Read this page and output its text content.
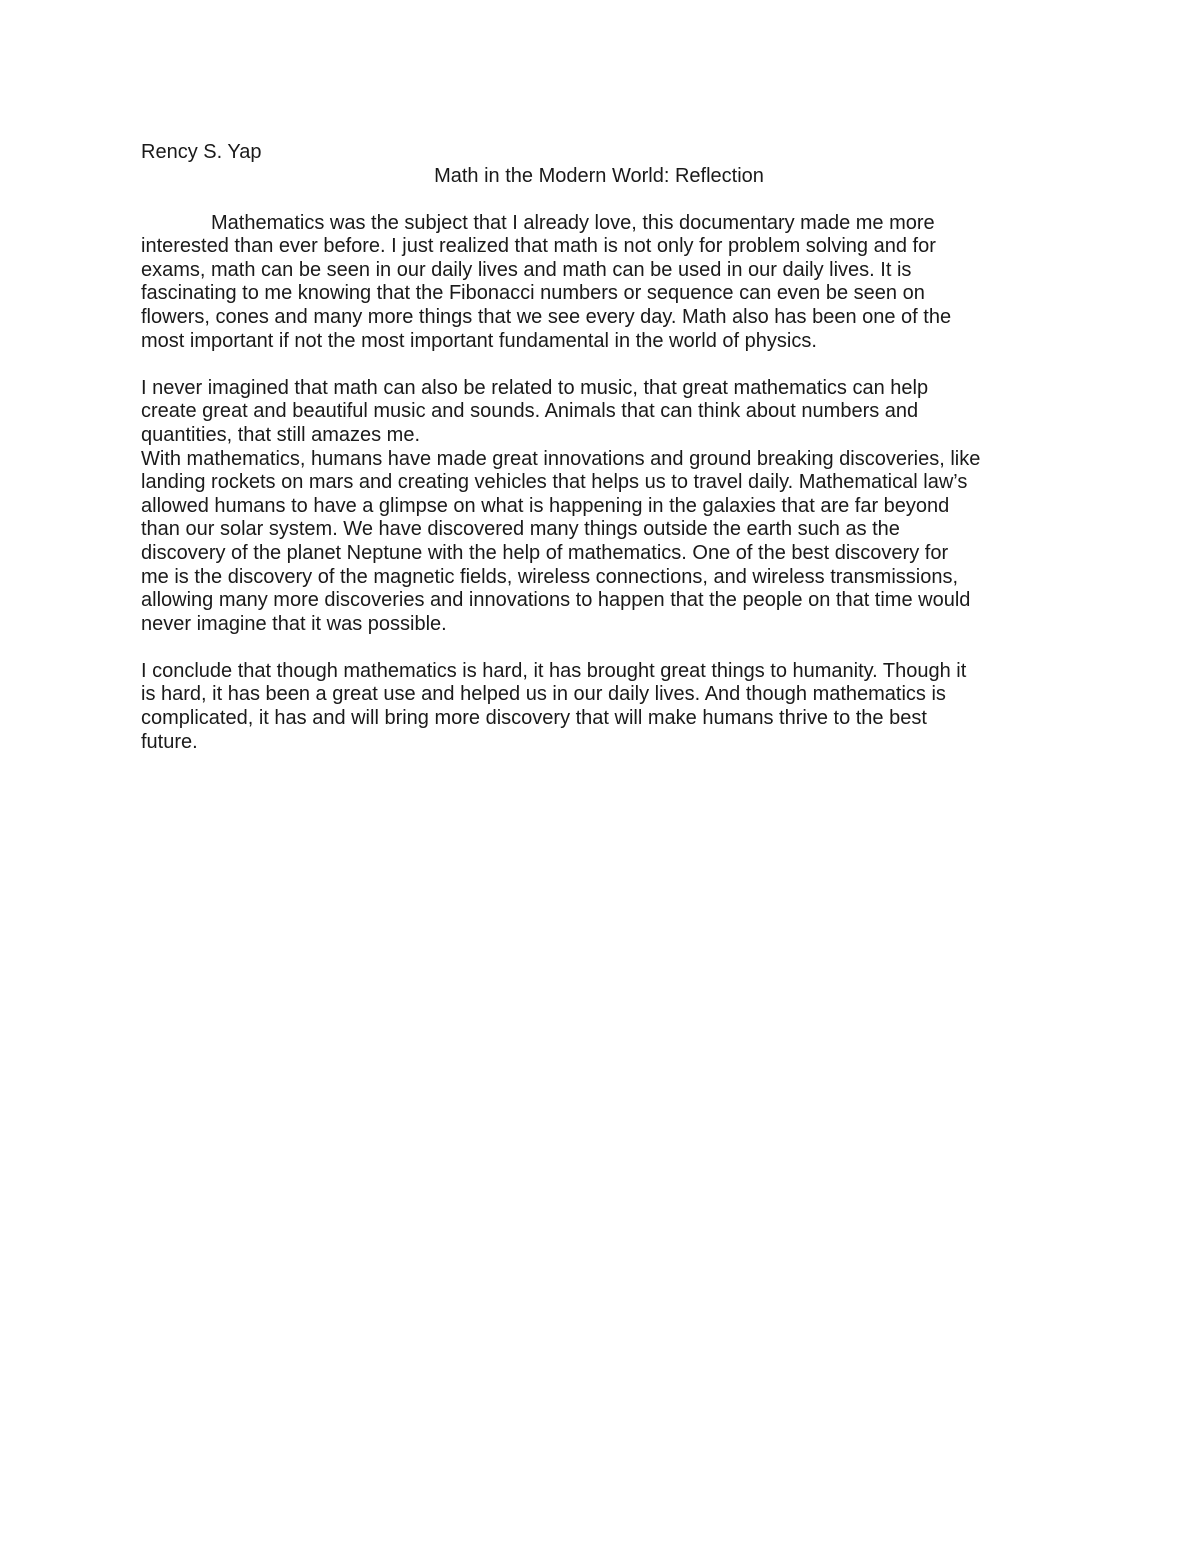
Rency S. Yap

Math in the Modern World: Reflection

Mathematics was the subject that I already love, this documentary made me more
interested than ever before. I just realized that math is not only for problem solving and for
exams, math can be seen in our daily lives and math can be used in our daily lives. It is
fascinating to me knowing that the Fibonacci numbers or sequence can even be seen on
flowers, cones and many more things that we see every day. Math also has been one of the
most important if not the most important fundamental in the world of physics.

I never imagined that math can also be related to music, that great mathematics can help
create great and beautiful music and sounds. Animals that can think about numbers and
quantities, that still amazes me.

With mathematics, humans have made great innovations and ground breaking discoveries, like
landing rockets on mars and creating vehicles that helps us to travel daily. Mathematical law’s
allowed humans to have a glimpse on what is happening in the galaxies that are far beyond
than our solar system. We have discovered many things outside the earth such as the
discovery of the planet Neptune with the help of mathematics. One of the best discovery for
me is the discovery of the magnetic fields, wireless connections, and wireless transmissions,
allowing many more discoveries and innovations to happen that the people on that time would
never imagine that it was possible.

I conclude that though mathematics is hard, it has brought great things to humanity. Though it
is hard, it has been a great use and helped us in our daily lives. And though mathematics is
complicated, it has and will bring more discovery that will make humans thrive to the best
future.
